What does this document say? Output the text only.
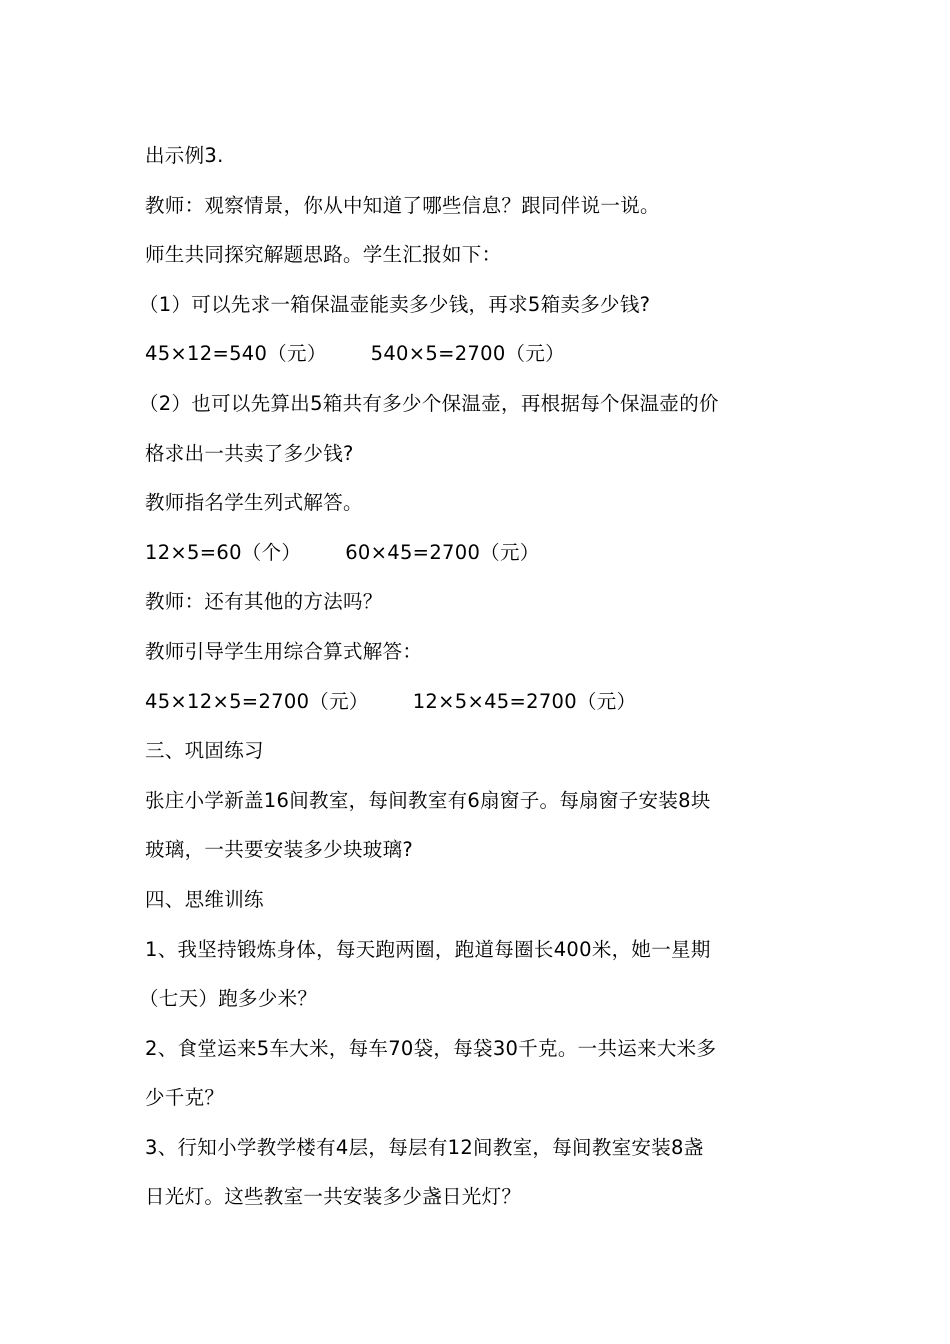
出示例3.
教师：观察情景，你从中知道了哪些信息？跟同伴说一说。
师生共同探究解题思路。学生汇报如下：
（1）可以先求一箱保温壶能卖多少钱，再求5箱卖多少钱?
45×12=540（元） 540×5=2700（元）
（2）也可以先算出5箱共有多少个保温壶，再根据每个保温壶的价
格求出一共卖了多少钱?
教师指名学生列式解答。
12×5=60（个） 60×45=2700（元）
教师：还有其他的方法吗？
教师引导学生用综合算式解答：
45×12×5=2700（元） 12×5×45=2700（元）
三、巩固练习
张庄小学新盖16间教室，每间教室有6扇窗子。每扇窗子安装8块
玻璃，一共要安装多少块玻璃?
四、思维训练
1、我坚持锻炼身体，每天跑两圈，跑道每圈长400米，她一星期
（七天）跑多少米？
2、食堂运来5车大米，每车70袋，每袋30千克。一共运来大米多
少千克？
3、行知小学教学楼有4层，每层有12间教室，每间教室安装8盏
日光灯。这些教室一共安装多少盏日光灯？
